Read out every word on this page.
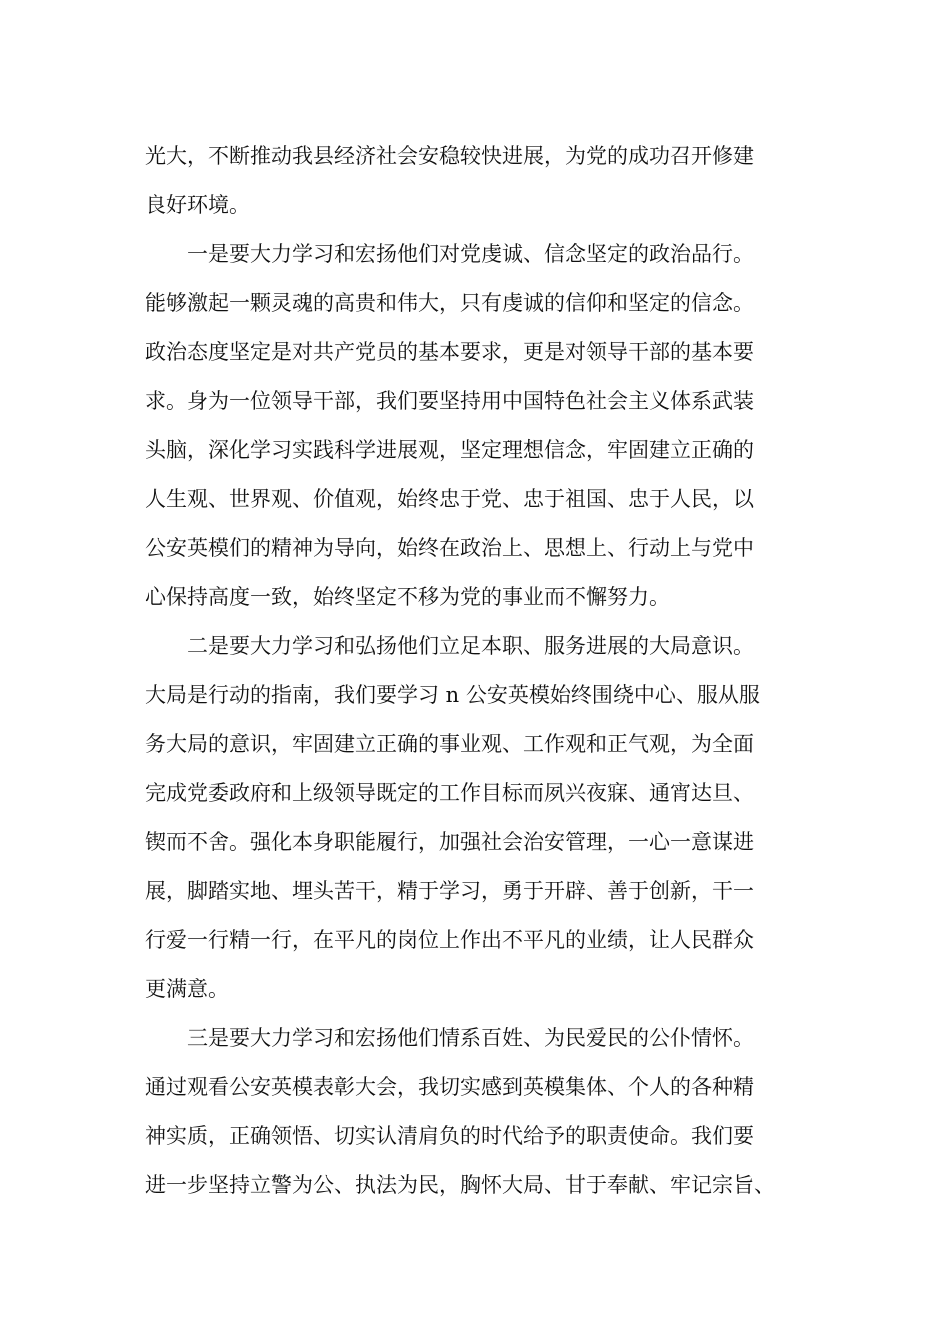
光大，不断推动我县经济社会安稳较快进展，为党的成功召开修建
良好环境。

　　一是要大力学习和宏扬他们对党虔诚、信念坚定的政治品行。
能够激起一颗灵魂的高贵和伟大，只有虔诚的信仰和坚定的信念。
政治态度坚定是对共产党员的基本要求，更是对领导干部的基本要
求。身为一位领导干部，我们要坚持用中国特色社会主义体系武装
头脑，深化学习实践科学进展观，坚定理想信念，牢固建立正确的
人生观、世界观、价值观，始终忠于党、忠于祖国、忠于人民，以
公安英模们的精神为导向，始终在政治上、思想上、行动上与党中
心保持高度一致，始终坚定不移为党的事业而不懈努力。

　　二是要大力学习和弘扬他们立足本职、服务进展的大局意识。
大局是行动的指南，我们要学习 n 公安英模始终围绕中心、服从服
务大局的意识，牢固建立正确的事业观、工作观和正气观，为全面
完成党委政府和上级领导既定的工作目标而夙兴夜寐、通宵达旦、
锲而不舍。强化本身职能履行，加强社会治安管理，一心一意谋进
展，脚踏实地、埋头苦干，精于学习，勇于开辟、善于创新，干一
行爱一行精一行，在平凡的岗位上作出不平凡的业绩，让人民群众
更满意。

　　三是要大力学习和宏扬他们情系百姓、为民爱民的公仆情怀。
通过观看公安英模表彰大会，我切实感到英模集体、个人的各种精
神实质，正确领悟、切实认清肩负的时代给予的职责使命。我们要
进一步坚持立警为公、执法为民，胸怀大局、甘于奉献、牢记宗旨、
